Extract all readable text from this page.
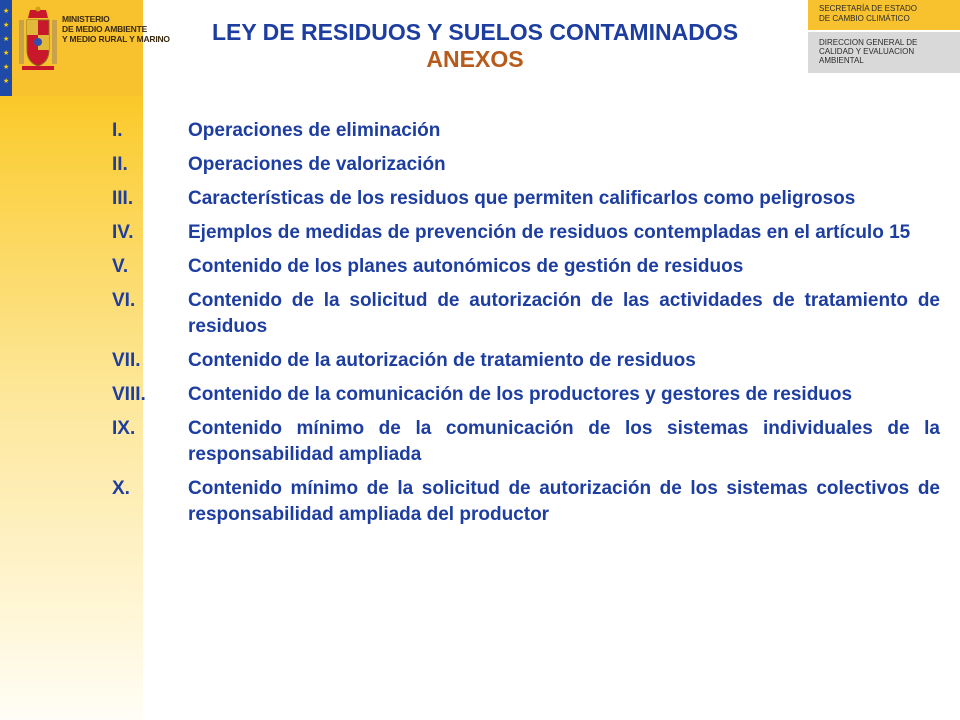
★
★
★
★
★
★
MINISTERIO
DE MEDIO AMBIENTE
Y MEDIO RURAL Y MARINO	LEY DE RESIDUOS Y SUELOS CONTAMINADOS
ANEXOS
SECRETARÍA DE ESTADO
DE CAMBIO CLIMÁTICO
DIRECCION GENERAL DE
CALIDAD Y EVALUACION
AMBIENTAL
I.	Operaciones de eliminación
II.	Operaciones de valorización
III.	Características de los residuos que permiten calificarlos como peligrosos
IV.	Ejemplos de medidas de prevención de residuos contempladas en el artículo 15
V.	Contenido de los planes autonómicos de gestión de residuos
VI.	Contenido de la solicitud de autorización de las actividades de tratamiento de residuos
VII.	Contenido de la autorización de tratamiento de residuos
VIII.	Contenido de la comunicación de los productores y gestores de residuos
IX.	Contenido mínimo de la comunicación de los sistemas individuales de la responsabilidad ampliada
X.	Contenido mínimo de la solicitud de autorización de los sistemas colectivos de responsabilidad ampliada del productor
